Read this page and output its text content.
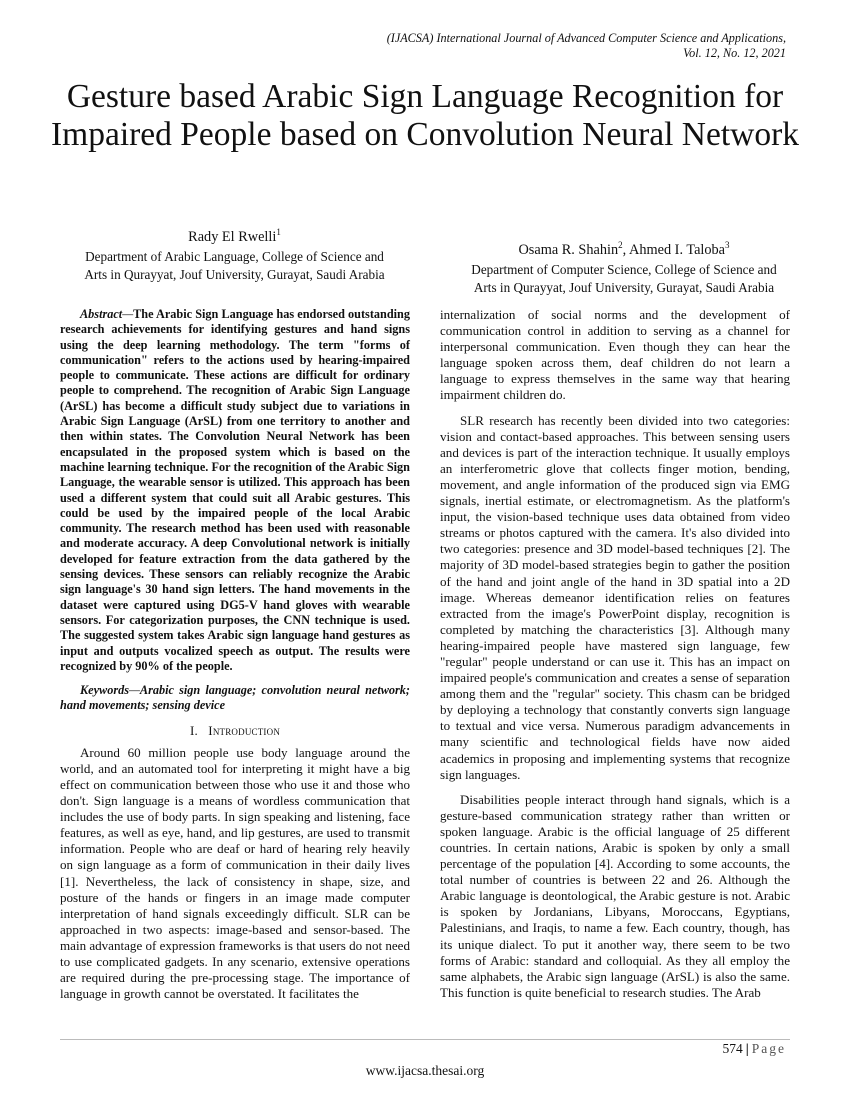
(IJACSA) International Journal of Advanced Computer Science and Applications,
Vol. 12, No. 12, 2021
Gesture based Arabic Sign Language Recognition for Impaired People based on Convolution Neural Network
Rady El Rwelli$^1$
Department of Arabic Language, College of Science and
Arts in Qurayyat, Jouf University, Gurayat, Saudi Arabia
Osama R. Shahin$^2$, Ahmed I. Taloba$^3$
Department of Computer Science, College of Science and
Arts in Qurayyat, Jouf University, Gurayat, Saudi Arabia

Abstract—The Arabic Sign Language has endorsed outstanding research achievements for identifying gestures and hand signs using the deep learning methodology. The term "forms of communication" refers to the actions used by hearing-impaired people to communicate. These actions are difficult for ordinary people to comprehend. The recognition of Arabic Sign Language (ArSL) has become a difficult study subject due to variations in Arabic Sign Language (ArSL) from one territory to another and then within states. The Convolution Neural Network has been encapsulated in the proposed system which is based on the machine learning technique. For the recognition of the Arabic Sign Language, the wearable sensor is utilized. This approach has been used a different system that could suit all Arabic gestures. This could be used by the impaired people of the local Arabic community. The research method has been used with reasonable and moderate accuracy. A deep Convolutional network is initially developed for feature extraction from the data gathered by the sensing devices. These sensors can reliably recognize the Arabic sign language's 30 hand sign letters. The hand movements in the dataset were captured using DG5-V hand gloves with wearable sensors. For categorization purposes, the CNN technique is used. The suggested system takes Arabic sign language hand gestures as input and outputs vocalized speech as output. The results were recognized by 90% of the people.

Keywords—Arabic sign language; convolution neural network; hand movements; sensing device

I. Introduction

Around 60 million people use body language around the world, and an automated tool for interpreting it might have a big effect on communication between those who use it and those who don't. Sign language is a means of wordless communication that includes the use of body parts. In sign speaking and listening, face features, as well as eye, hand, and lip gestures, are used to transmit information. People who are deaf or hard of hearing rely heavily on sign language as a form of communication in their daily lives [1]. Nevertheless, the lack of consistency in shape, size, and posture of the hands or fingers in an image made computer interpretation of hand signals exceedingly difficult. SLR can be approached in two aspects: image-based and sensor-based. The main advantage of expression frameworks is that users do not need to use complicated gadgets. In any scenario, extensive operations are required during the pre-processing stage. The importance of language in growth cannot be overstated. It facilitates the

internalization of social norms and the development of communication control in addition to serving as a channel for interpersonal communication. Even though they can hear the language spoken across them, deaf children do not learn a language to express themselves in the same way that hearing impairment children do.

SLR research has recently been divided into two categories: vision and contact-based approaches. This between sensing users and devices is part of the interaction technique. It usually employs an interferometric glove that collects finger motion, bending, movement, and angle information of the produced sign via EMG signals, inertial estimate, or electromagnetism. As the platform's input, the vision-based technique uses data obtained from video streams or photos captured with the camera. It's also divided into two categories: presence and 3D model-based techniques [2]. The majority of 3D model-based strategies begin to gather the position of the hand and joint angle of the hand in 3D spatial into a 2D image. Whereas demeanor identification relies on features extracted from the image's PowerPoint display, recognition is completed by matching the characteristics [3]. Although many hearing-impaired people have mastered sign language, few "regular" people understand or can use it. This has an impact on impaired people's communication and creates a sense of separation among them and the "regular" society. This chasm can be bridged by deploying a technology that constantly converts sign language to textual and vice versa. Numerous paradigm advancements in many scientific and technological fields have now aided academics in proposing and implementing systems that recognize sign languages.

Disabilities people interact through hand signals, which is a gesture-based communication strategy rather than written or spoken language. Arabic is the official language of 25 different countries. In certain nations, Arabic is spoken by only a small percentage of the population [4]. According to some accounts, the total number of countries is between 22 and 26. Although the Arabic language is deontological, the Arabic gesture is not. Arabic is spoken by Jordanians, Libyans, Moroccans, Egyptians, Palestinians, and Iraqis, to name a few. Each country, though, has its unique dialect. To put it another way, there seem to be two forms of Arabic: standard and colloquial. As they all employ the same alphabets, the Arabic sign language (ArSL) is also the same. This function is quite beneficial to research studies. The Arab

574 | Page
www.ijacsa.thesai.org
